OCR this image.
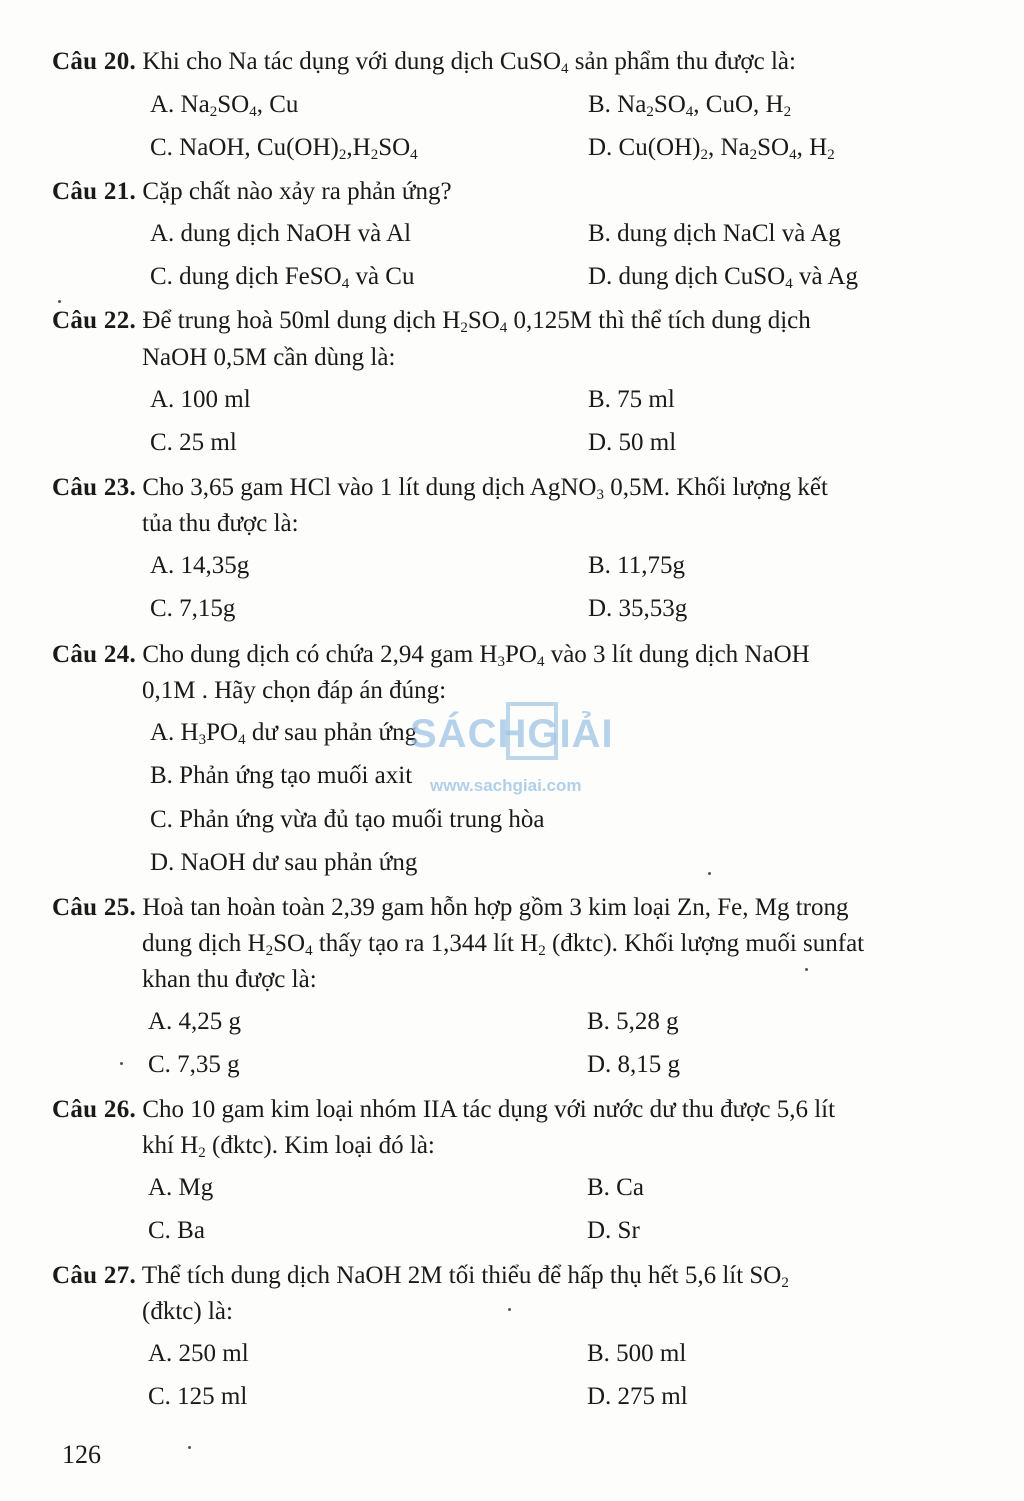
Câu 20. Khi cho Na tác dụng với dung dịch CuSO$_4$ sản phẩm thu được là:
A. $Na_2SO_4$, Cu	B. $Na_2SO_4$, CuO, $H_2$
C. NaOH, $Cu(OH)_2,H_2SO_4$	D. $Cu(OH)_2$, $Na_2SO_4$, $H_2$
Câu 21. Cặp chất nào xảy ra phản ứng?
A. dung dịch NaOH và Al	B. dung dịch NaCl và Ag
C. dung dịch FeSO$_4$ và Cu	D. dung dịch CuSO$_4$ và Ag
Câu 22. Để trung hoà 50ml dung dịch $H_2SO_4$ 0,125M thì thể tích dung dịch
NaOH 0,5M cần dùng là:
A. 100 ml	B. 75 ml
C. 25 ml	D. 50 ml
Câu 23. Cho 3,65 gam HCl vào 1 lít dung dịch AgNO$_3$ 0,5M. Khối lượng kết
tủa thu được là:
A. 14,35g	B. 11,75g
C. 7,15g	D. 35,53g
Câu 24. Cho dung dịch có chứa 2,94 gam $H_3PO_4$ vào 3 lít dung dịch NaOH
0,1M . Hãy chọn đáp án đúng:
A. $H_3PO_4$ dư sau phản ứng
B. Phản ứng tạo muối axit
C. Phản ứng vừa đủ tạo muối trung hòa
D. NaOH dư sau phản ứng
Câu 25. Hoà tan hoàn toàn 2,39 gam hỗn hợp gồm 3 kim loại Zn, Fe, Mg trong
dung dịch $H_2SO_4$ thấy tạo ra 1,344 lít $H_2$ (đktc). Khối lượng muối sunfat
khan thu được là:
A. 4,25 g	B. 5,28 g
C. 7,35 g	D. 8,15 g
Câu 26. Cho 10 gam kim loại nhóm IIA tác dụng với nước dư thu được 5,6 lít
khí $H_2$ (đktc). Kim loại đó là:
A. Mg	B. Ca
C. Ba	D. Sr
Câu 27. Thể tích dung dịch NaOH 2M tối thiểu để hấp thụ hết 5,6 lít $SO_2$
(đktc) là:
A. 250 ml	B. 500 ml
C. 125 ml	D. 275 ml
SÁCHGIẢI
www.sachgiai.com
126
